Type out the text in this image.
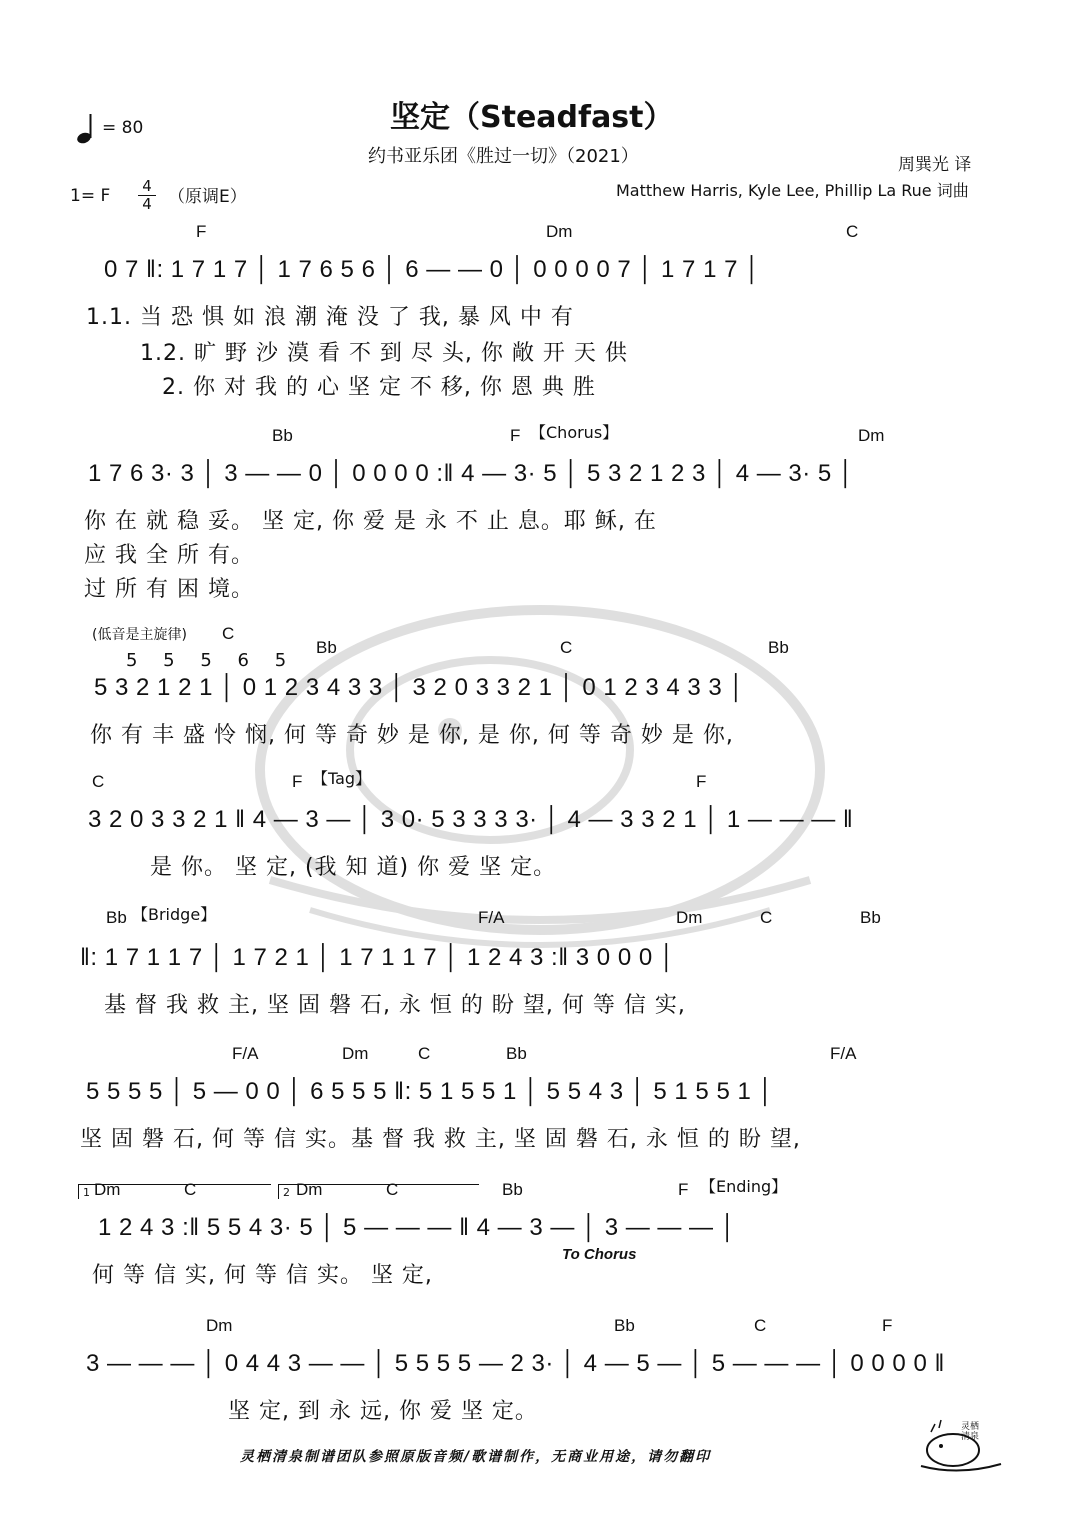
坚定（Steadfast）
约书亚乐团《胜过一切》（2021）
= 80
1= F 4
4 （原调E）
周巽光 译
Matthew Harris, Kyle Lee, Phillip La Rue 词曲
F	Dm	C
0 7 ‖: 1 7 1 7 │ 1 7 6 5 6 │ 6 — — 0 │ 0 0 0 0 7 │ 1 7 1 7 │
1.1. 当 恐 惧 如 浪 潮 淹 没 了 我, 暴 风 中 有
1.2. 旷 野 沙 漠 看 不 到 尽 头, 你 敞 开 天 供
2. 你 对 我 的 心 坚 定 不 移, 你 恩 典 胜
Bb	F 【Chorus】	Dm
1 7 6 3· 3 │ 3 — — 0 │ 0 0 0 0 :‖ 4 — 3· 5 │ 5 3 2 1 2 3 │ 4 — 3· 5 │
你 在 就 稳 妥。 坚 定, 你 爱 是 永 不 止 息。耶 稣, 在
应 我 全 所 有。
过 所 有 困 境。
(低音是主旋律) C
Bb	C	Bb
5 5 5 6 5
5 3 2 1 2 1 │ 0 1 2 3 4 3 3 │ 3 2 0 3 3 2 1 │ 0 1 2 3 4 3 3 │
你 有 丰 盛 怜 悯, 何 等 奇 妙 是 你, 是 你, 何 等 奇 妙 是 你,
C	F 【Tag】	F
3 2 0 3 3 2 1 ‖ 4 — 3 — │ 3 0· 5 3 3 3 3· │ 4 — 3 3 2 1 │ 1 — — — ‖
是 你。 坚 定, (我 知 道) 你 爱 坚 定。
Bb 【Bridge】	F/A	Dm	C	Bb
‖: 1 7 1 1 7 │ 1 7 2 1 │ 1 7 1 1 7 │ 1 2 4 3 :‖ 3 0 0 0 │
基 督 我 救 主, 坚 固 磐 石, 永 恒 的 盼 望, 何 等 信 实,
F/A	Dm	C	Bb	F/A
5 5 5 5 │ 5 — 0 0 │ 6 5 5 5 ‖: 5 1 5 5 1 │ 5 5 4 3 │ 5 1 5 5 1 │
坚 固 磐 石, 何 等 信 实。基 督 我 救 主, 坚 固 磐 石, 永 恒 的 盼 望,
1	2
Dm	C	Dm	C	Bb	F 【Ending】
1 2 4 3 :‖ 5 5 4 3· 5 │ 5 — — — ‖ 4 — 3 — │ 3 — — — │
To Chorus
何 等 信 实, 何 等 信 实。 坚 定,
Dm	Bb	C	F
3 — — — │ 0 4 4 3 — — │ 5 5 5 5 — 2 3· │ 4 — 5 — │ 5 — — — │ 0 0 0 0 ‖
坚 定, 到 永 远, 你 爱 坚 定。
灵栖清泉制谱团队参照原版音频/歌谱制作，无商业用途，请勿翻印
灵栖清泉
